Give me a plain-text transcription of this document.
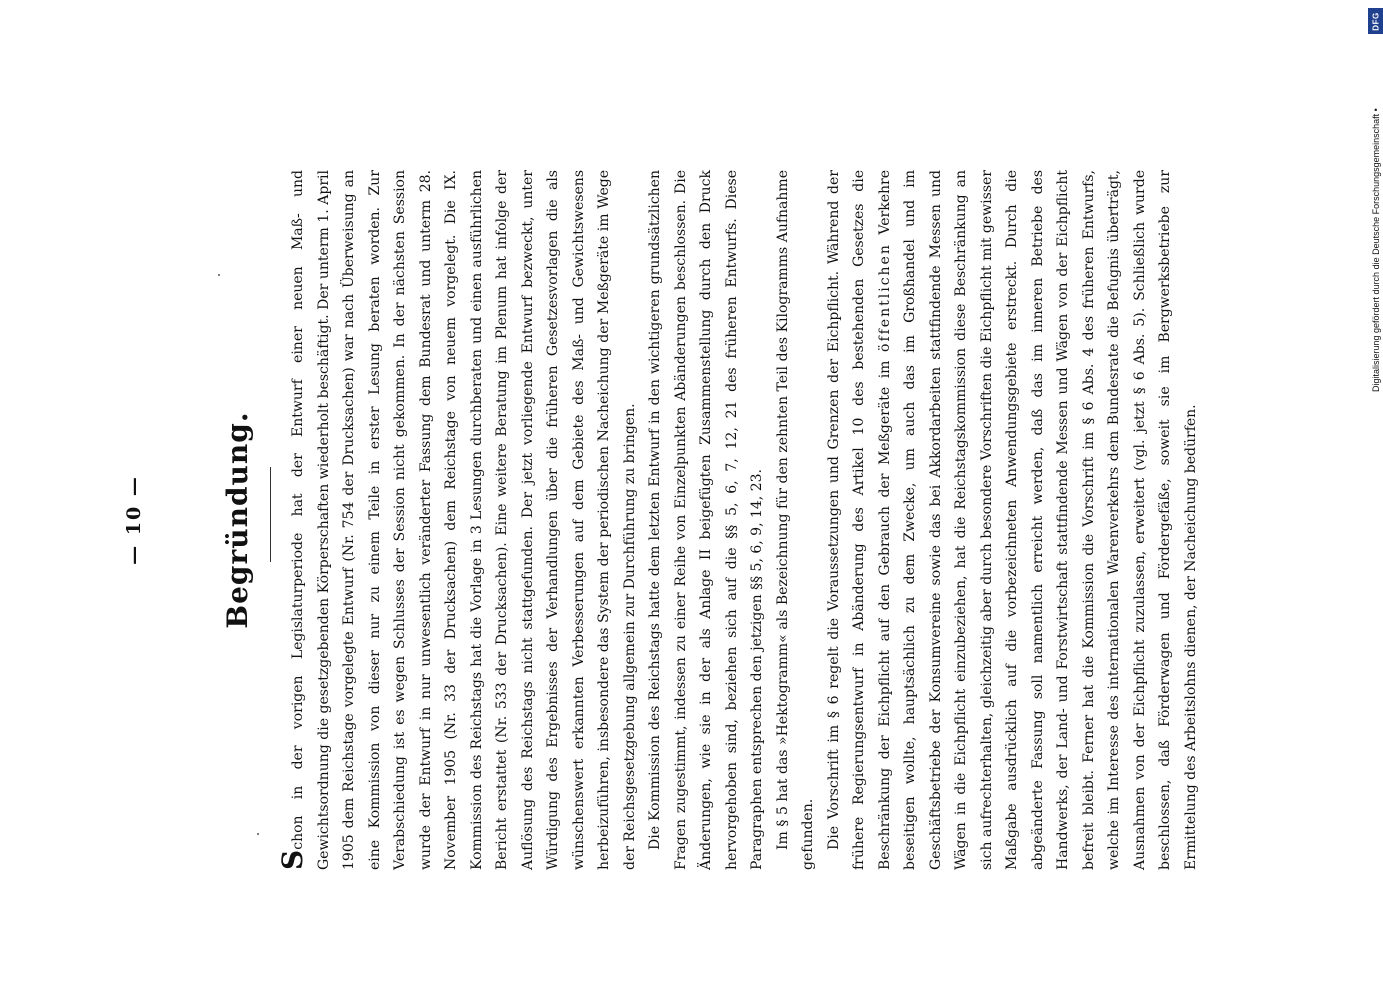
— 10 —	Begründung.

Schon in der vorigen Legislaturperiode hat der Entwurf einer neuen Maß- und Gewichtsordnung die gesetzgebenden Körperschaften wiederholt beschäftigt. Der unterm 1. April 1905 dem Reichstage vorgelegte Entwurf (Nr. 754 der Drucksachen) war nach Überweisung an eine Kommission von dieser nur zu einem Teile in erster Lesung beraten worden. Zur Verabschiedung ist es wegen Schlusses der Session nicht gekommen. In der nächsten Session wurde der Entwurf in nur unwesentlich veränderter Fassung dem Bundesrat und unterm 28. November 1905 (Nr. 33 der Drucksachen) dem Reichstage von neuem vorgelegt. Die IX. Kommission des Reichstags hat die Vorlage in 3 Lesungen durchberaten und einen ausführlichen Bericht erstattet (Nr. 533 der Drucksachen). Eine weitere Beratung im Plenum hat infolge der Auflösung des Reichstags nicht stattgefunden. Der jetzt vorliegende Entwurf bezweckt, unter Würdigung des Ergebnisses der Verhandlungen über die früheren Gesetzesvorlagen die als wünschenswert erkannten Verbesserungen auf dem Gebiete des Maß- und Gewichtswesens herbeizuführen, insbesondere das System der periodischen Nacheichung der Meßgeräte im Wege der Reichsgesetzgebung allgemein zur Durchführung zu bringen. Die Kommission des Reichstags hatte dem letzten Entwurf in den wichtigeren grundsätzlichen Fragen zugestimmt, indessen zu einer Reihe von Einzelpunkten Abänderungen beschlossen. Die Änderungen, wie sie in der als Anlage II beigefügten Zusammenstellung durch den Druck hervorgehoben sind, beziehen sich auf die §§ 5, 6, 7, 12, 21 des früheren Entwurfs. Diese Paragraphen entsprechen den jetzigen §§ 5, 6, 9, 14, 23. Im § 5 hat das »Hektogramm« als Bezeichnung für den zehnten Teil des Kilogramms Aufnahme gefunden. Die Vorschrift im § 6 regelt die Voraussetzungen und Grenzen der Eichpflicht. Während der frühere Regierungsentwurf in Abänderung des Artikel 10 des bestehenden Gesetzes die Beschränkung der Eichpflicht auf den Gebrauch der Meßgeräte im öffentlichen Verkehre beseitigen wollte, hauptsächlich zu dem Zwecke, um auch das im Großhandel und im Geschäftsbetriebe der Konsumvereine sowie das bei Akkordarbeiten stattfindende Messen und Wägen in die Eichpflicht einzubeziehen, hat die Reichstagskommission diese Beschränkung an sich aufrechterhalten, gleichzeitig aber durch besondere Vorschriften die Eichpflicht mit gewisser Maßgabe ausdrücklich auf die vorbezeichneten Anwendungsgebiete erstreckt. Durch die abgeänderte Fassung soll namentlich erreicht werden, daß das im inneren Betriebe des Handwerks, der Land- und Forstwirtschaft stattfindende Messen und Wägen von der Eichpflicht befreit bleibt. Ferner hat die Kommission die Vorschrift im § 6 Abs. 4 des früheren Entwurfs, welche im Interesse des internationalen Warenverkehrs dem Bundesrate die Befugnis überträgt, Ausnahmen von der Eichpflicht zuzulassen, erweitert (vgl. jetzt § 6 Abs. 5). Schließlich wurde beschlossen, daß Förderwagen und Fördergefäße, soweit sie im Bergwerksbetriebe zur Ermittelung des Arbeitslohns dienen, der Nacheichung bedürfen.

DFG
Digitalisierung gefördert durch die Deutsche Forschungsgemeinschaft •
